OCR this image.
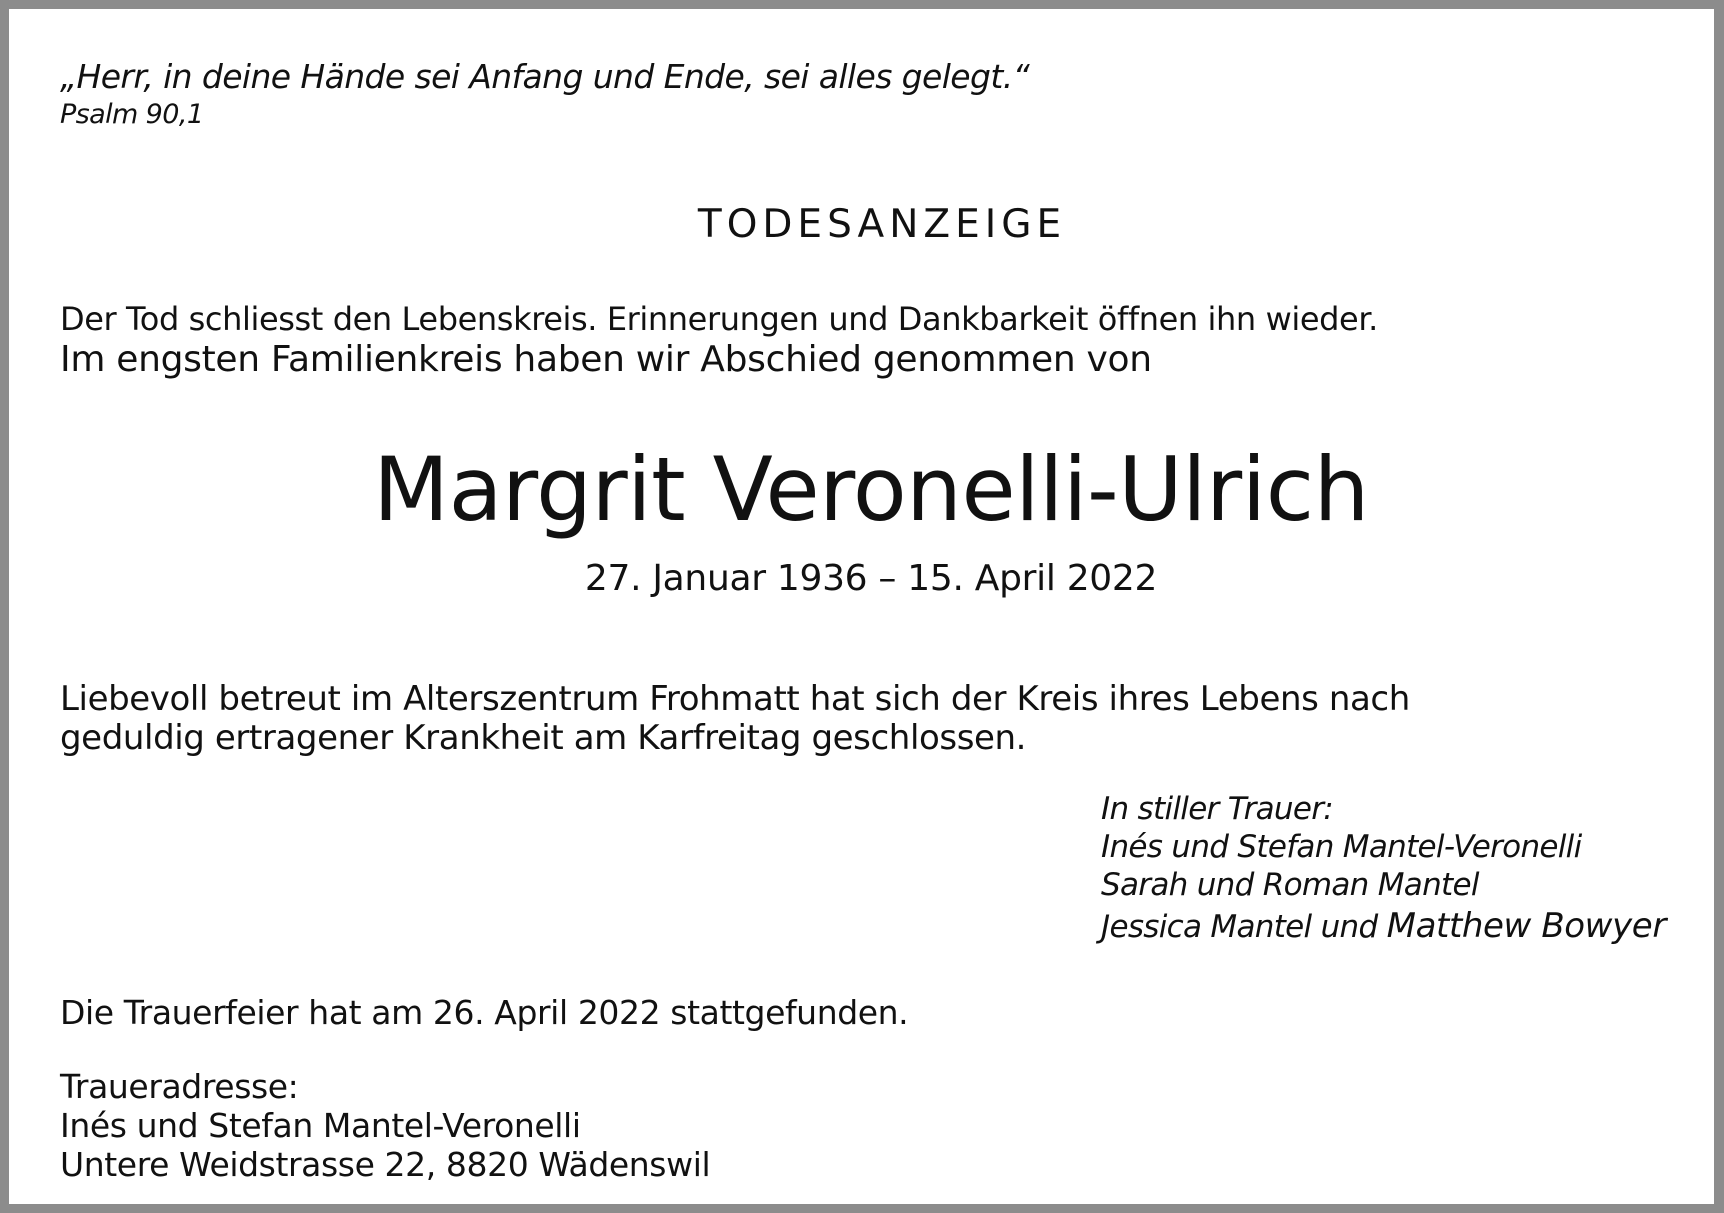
„Herr, in deine Hände sei Anfang und Ende, sei alles gelegt.“
Psalm 90,1
TODESANZEIGE
Der Tod schliesst den Lebenskreis. Erinnerungen und Dankbarkeit öffnen ihn wieder.
Im engsten Familienkreis haben wir Abschied genommen von
Margrit Veronelli-Ulrich
27. Januar 1936 – 15. April 2022
Liebevoll betreut im Alterszentrum Frohmatt hat sich der Kreis ihres Lebens nach
geduldig ertragener Krankheit am Karfreitag geschlossen.
In stiller Trauer:
Inés und Stefan Mantel-Veronelli
Sarah und Roman Mantel
Jessica Mantel und Matthew Bowyer
Die Trauerfeier hat am 26. April 2022 stattgefunden.
Traueradresse:
Inés und Stefan Mantel-Veronelli
Untere Weidstrasse 22, 8820 Wädenswil
